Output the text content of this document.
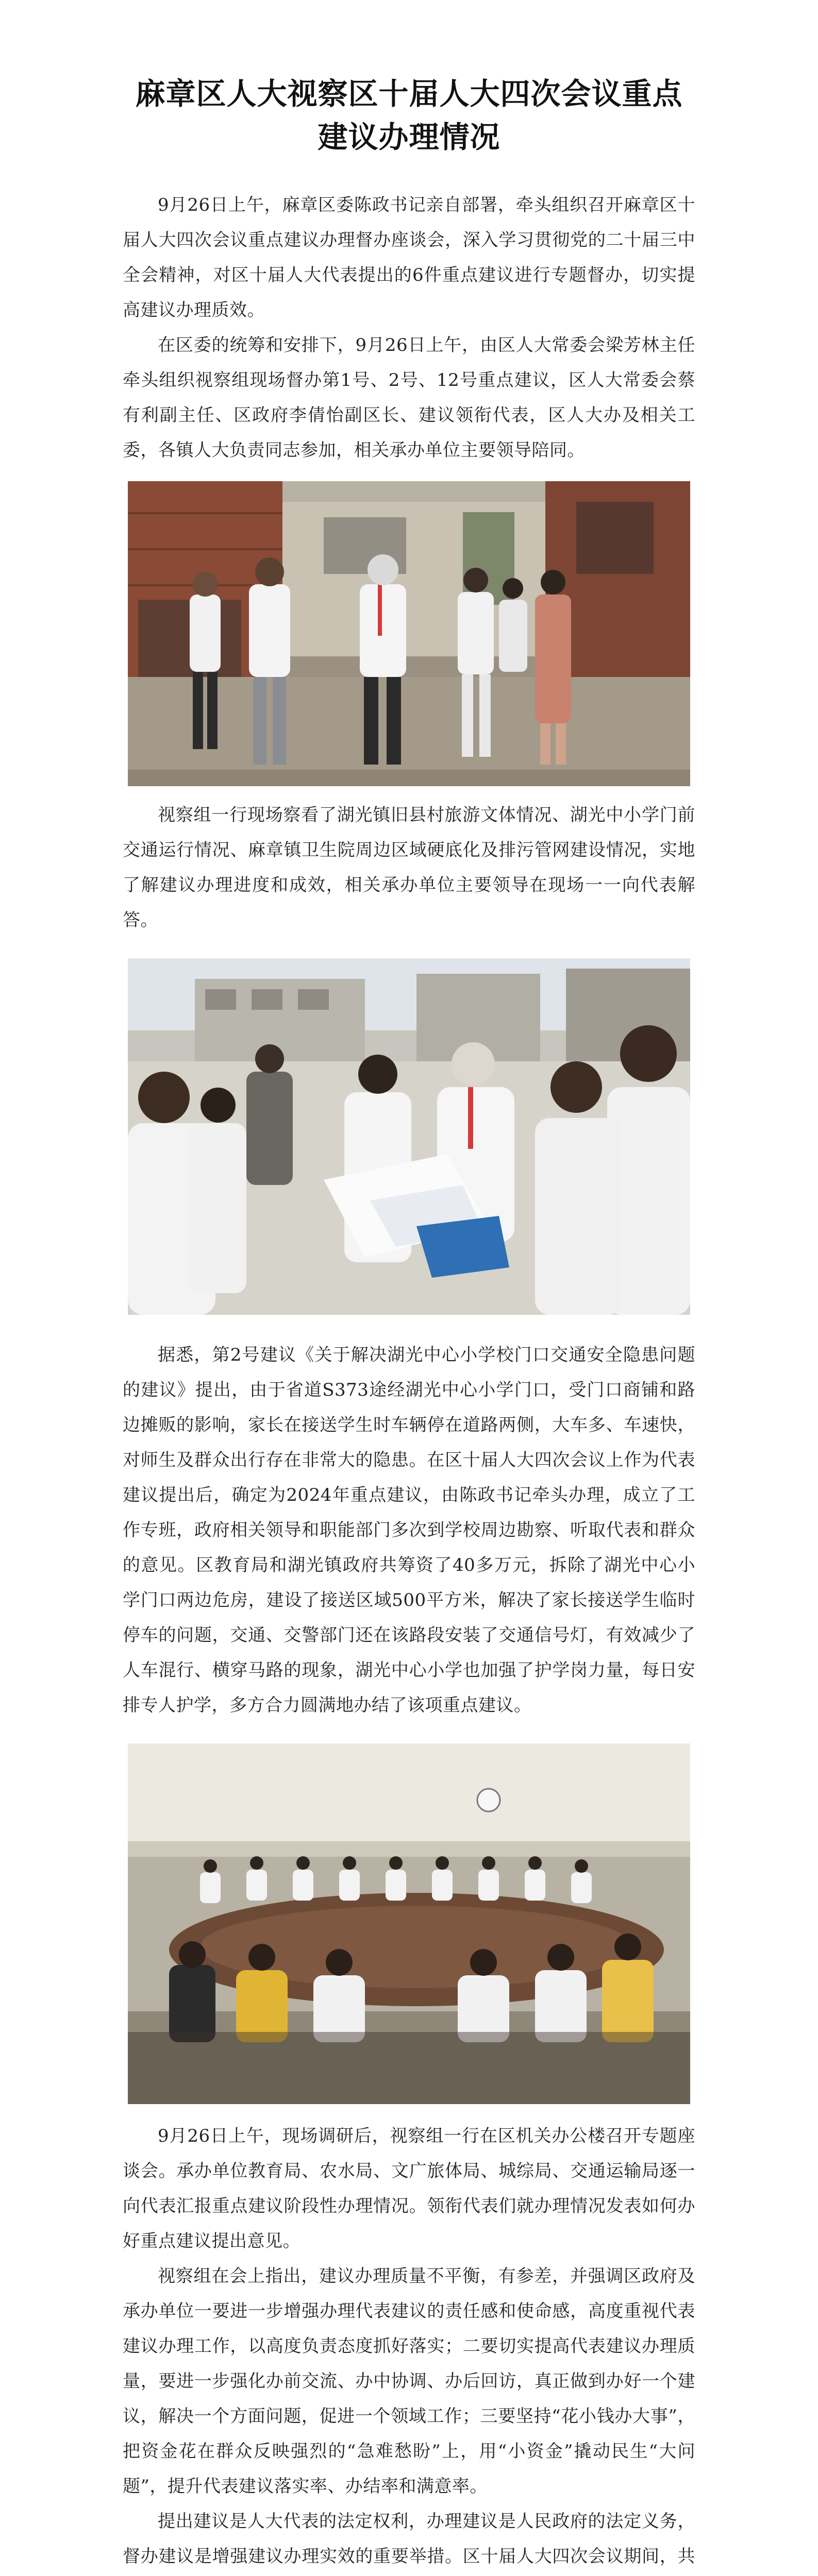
麻章区人大视察区十届人大四次会议重点
建议办理情况

9月26日上午，麻章区委陈政书记亲自部署，牵头组织召开麻章区十届人大四次会议重点建议办理督办座谈会，深入学习贯彻党的二十届三中全会精神，对区十届人大代表提出的6件重点建议进行专题督办，切实提高建议办理质效。

在区委的统筹和安排下，9月26日上午，由区人大常委会梁芳林主任牵头组织视察组现场督办第1号、2号、12号重点建议，区人大常委会蔡有利副主任、区政府李倩怡副区长、建议领衔代表，区人大办及相关工委，各镇人大负责同志参加，相关承办单位主要领导陪同。

视察组一行现场察看了湖光镇旧县村旅游文体情况、湖光中小学门前交通运行情况、麻章镇卫生院周边区域硬底化及排污管网建设情况，实地了解建议办理进度和成效，相关承办单位主要领导在现场一一向代表解答。

据悉，第2号建议《关于解决湖光中心小学校门口交通安全隐患问题的建议》提出，由于省道S373途经湖光中心小学门口，受门口商铺和路边摊贩的影响，家长在接送学生时车辆停在道路两侧，大车多、车速快，对师生及群众出行存在非常大的隐患。在区十届人大四次会议上作为代表建议提出后，确定为2024年重点建议，由陈政书记牵头办理，成立了工作专班，政府相关领导和职能部门多次到学校周边勘察、听取代表和群众的意见。区教育局和湖光镇政府共筹资了40多万元，拆除了湖光中心小学门口两边危房，建设了接送区域500平方米，解决了家长接送学生临时停车的问题，交通、交警部门还在该路段安装了交通信号灯，有效减少了人车混行、横穿马路的现象，湖光中心小学也加强了护学岗力量，每日安排专人护学，多方合力圆满地办结了该项重点建议。

9月26日上午，现场调研后，视察组一行在区机关办公楼召开专题座谈会。承办单位教育局、农水局、文广旅体局、城综局、交通运输局逐一向代表汇报重点建议阶段性办理情况。领衔代表们就办理情况发表如何办好重点建议提出意见。

视察组在会上指出，建议办理质量不平衡，有参差，并强调区政府及承办单位一要进一步增强办理代表建议的责任感和使命感，高度重视代表建议办理工作，以高度负责态度抓好落实；二要切实提高代表建议办理质量，要进一步强化办前交流、办中协调、办后回访，真正做到办好一个建议，解决一个方面问题，促进一个领域工作；三要坚持“花小钱办大事”，把资金花在群众反映强烈的“急难愁盼”上，用“小资金”撬动民生“大问题”，提升代表建议落实率、办结率和满意率。

提出建议是人大代表的法定权利，办理建议是人民政府的法定义务，督办建议是增强建议办理实效的重要举措。区十届人大四次会议期间，共
